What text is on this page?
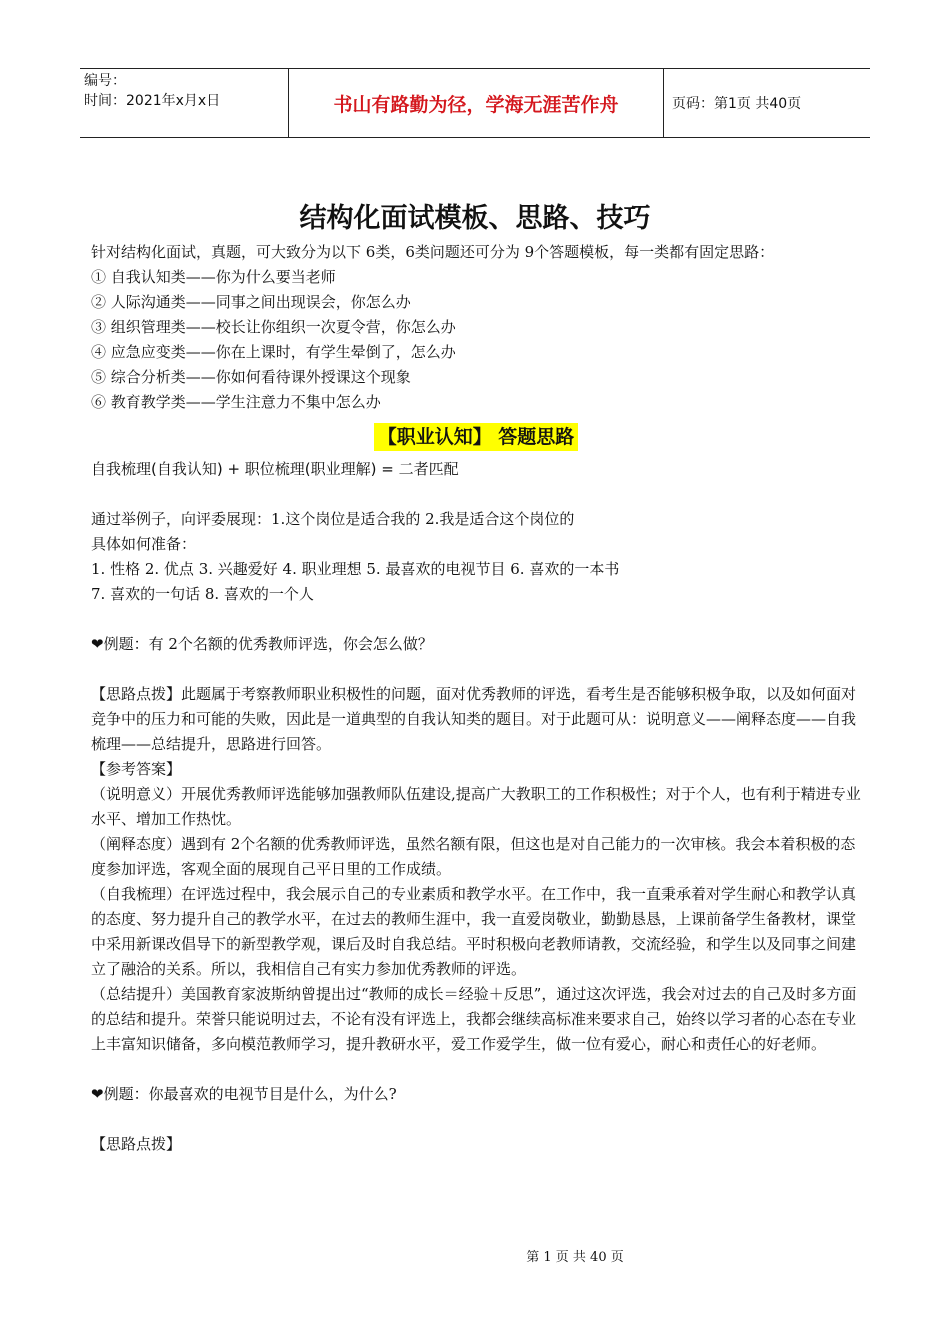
编号：
时间：2021年x月x日	书山有路勤为径，学海无涯苦作舟	页码：第1页 共40页
结构化面试模板、思路、技巧

针对结构化面试，真题，可大致分为以下 6类，6类问题还可分为 9个答题模板，每一类都有固定思路：

① 自我认知类——你为什么要当老师

② 人际沟通类——同事之间出现误会，你怎么办

③ 组织管理类——校长让你组织一次夏令营，你怎么办

④ 应急应变类——你在上课时，有学生晕倒了，怎么办

⑤ 综合分析类——你如何看待课外授课这个现象

⑥ 教育教学类——学生注意力不集中怎么办

【职业认知】 答题思路

自我梳理(自我认知) + 职位梳理(职业理解) = 二者匹配

通过举例子，向评委展现：1.这个岗位是适合我的 2.我是适合这个岗位的

具体如何准备：

1. 性格 2. 优点 3. 兴趣爱好 4. 职业理想 5. 最喜欢的电视节目 6. 喜欢的一本书

7. 喜欢的一句话 8. 喜欢的一个人

❤例题：有 2个名额的优秀教师评选，你会怎么做？

【思路点拨】此题属于考察教师职业积极性的问题，面对优秀教师的评选，看考生是否能够积极争取，以及如何面对竞争中的压力和可能的失败，因此是一道典型的自我认知类的题目。对于此题可从：说明意义——阐释态度——自我梳理——总结提升，思路进行回答。

【参考答案】

（说明意义）开展优秀教师评选能够加强教师队伍建设,提高广大教职工的工作积极性；对于个人，也有利于精进专业水平、增加工作热忱。

（阐释态度）遇到有 2个名额的优秀教师评选，虽然名额有限，但这也是对自己能力的一次审核。我会本着积极的态度参加评选，客观全面的展现自己平日里的工作成绩。

（自我梳理）在评选过程中，我会展示自己的专业素质和教学水平。在工作中，我一直秉承着对学生耐心和教学认真的态度、努力提升自己的教学水平，在过去的教师生涯中，我一直爱岗敬业，勤勤恳恳，上课前备学生备教材，课堂中采用新课改倡导下的新型教学观，课后及时自我总结。平时积极向老教师请教，交流经验，和学生以及同事之间建立了融洽的关系。所以，我相信自己有实力参加优秀教师的评选。

（总结提升）美国教育家波斯纳曾提出过“教师的成长＝经验＋反思”，通过这次评选，我会对过去的自己及时多方面的总结和提升。荣誉只能说明过去，不论有没有评选上，我都会继续高标准来要求自己，始终以学习者的心态在专业上丰富知识储备，多向模范教师学习，提升教研水平，爱工作爱学生，做一位有爱心，耐心和责任心的好老师。

❤例题：你最喜欢的电视节目是什么，为什么?

【思路点拨】

第 1 页 共 40 页
